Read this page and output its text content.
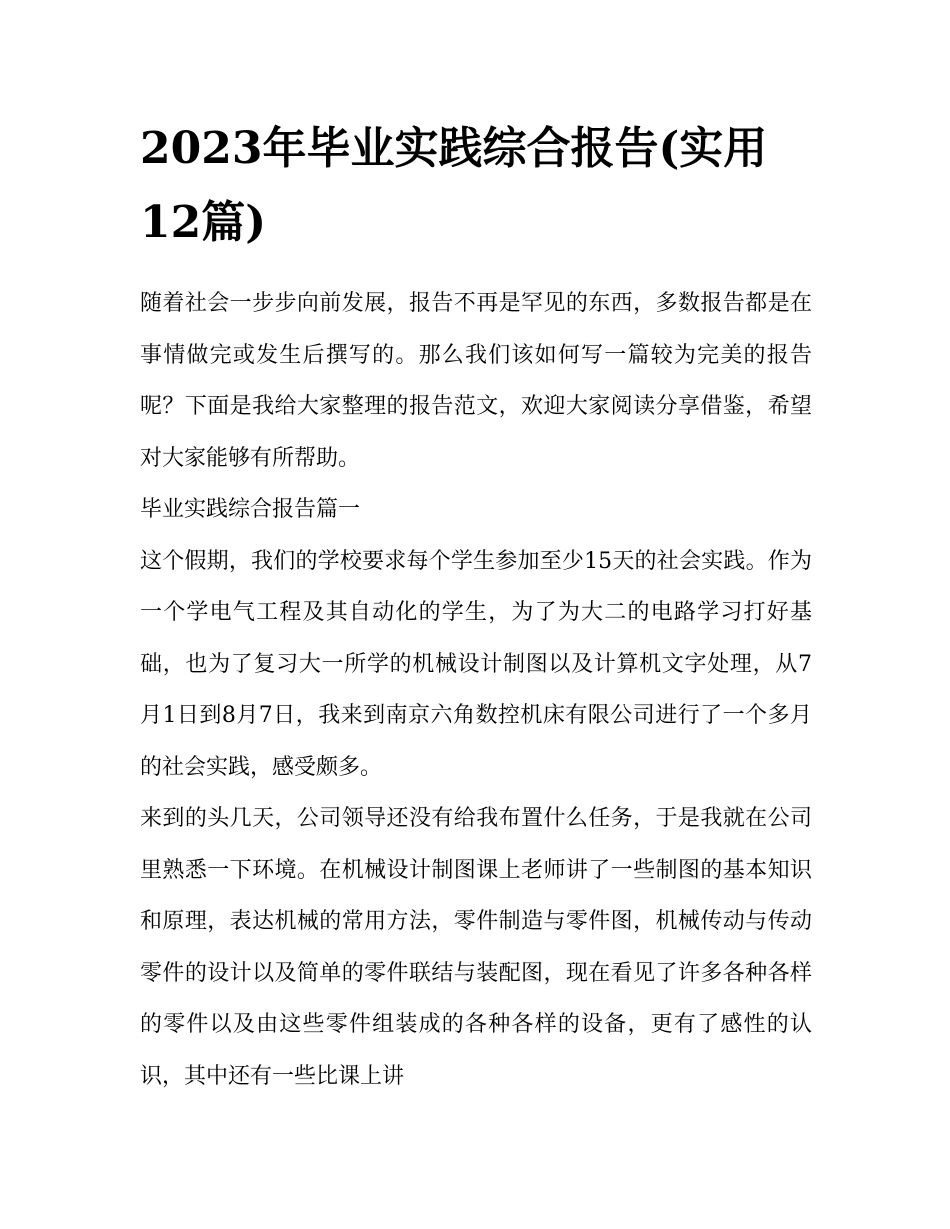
2023年毕业实践综合报告(实用12篇)

随着社会一步步向前发展，报告不再是罕见的东西，多数报告都是在事情做完或发生后撰写的。那么我们该如何写一篇较为完美的报告呢？下面是我给大家整理的报告范文，欢迎大家阅读分享借鉴，希望对大家能够有所帮助。

毕业实践综合报告篇一

这个假期，我们的学校要求每个学生参加至少15天的社会实践。作为一个学电气工程及其自动化的学生，为了为大二的电路学习打好基础，也为了复习大一所学的机械设计制图以及计算机文字处理，从7月1日到8月7日，我来到南京六角数控机床有限公司进行了一个多月的社会实践，感受颇多。

来到的头几天，公司领导还没有给我布置什么任务，于是我就在公司里熟悉一下环境。在机械设计制图课上老师讲了一些制图的基本知识和原理，表达机械的常用方法，零件制造与零件图，机械传动与传动零件的设计以及简单的零件联结与装配图，现在看见了许多各种各样的零件以及由这些零件组装成的各种各样的设备，更有了感性的认识，其中还有一些比课上讲
